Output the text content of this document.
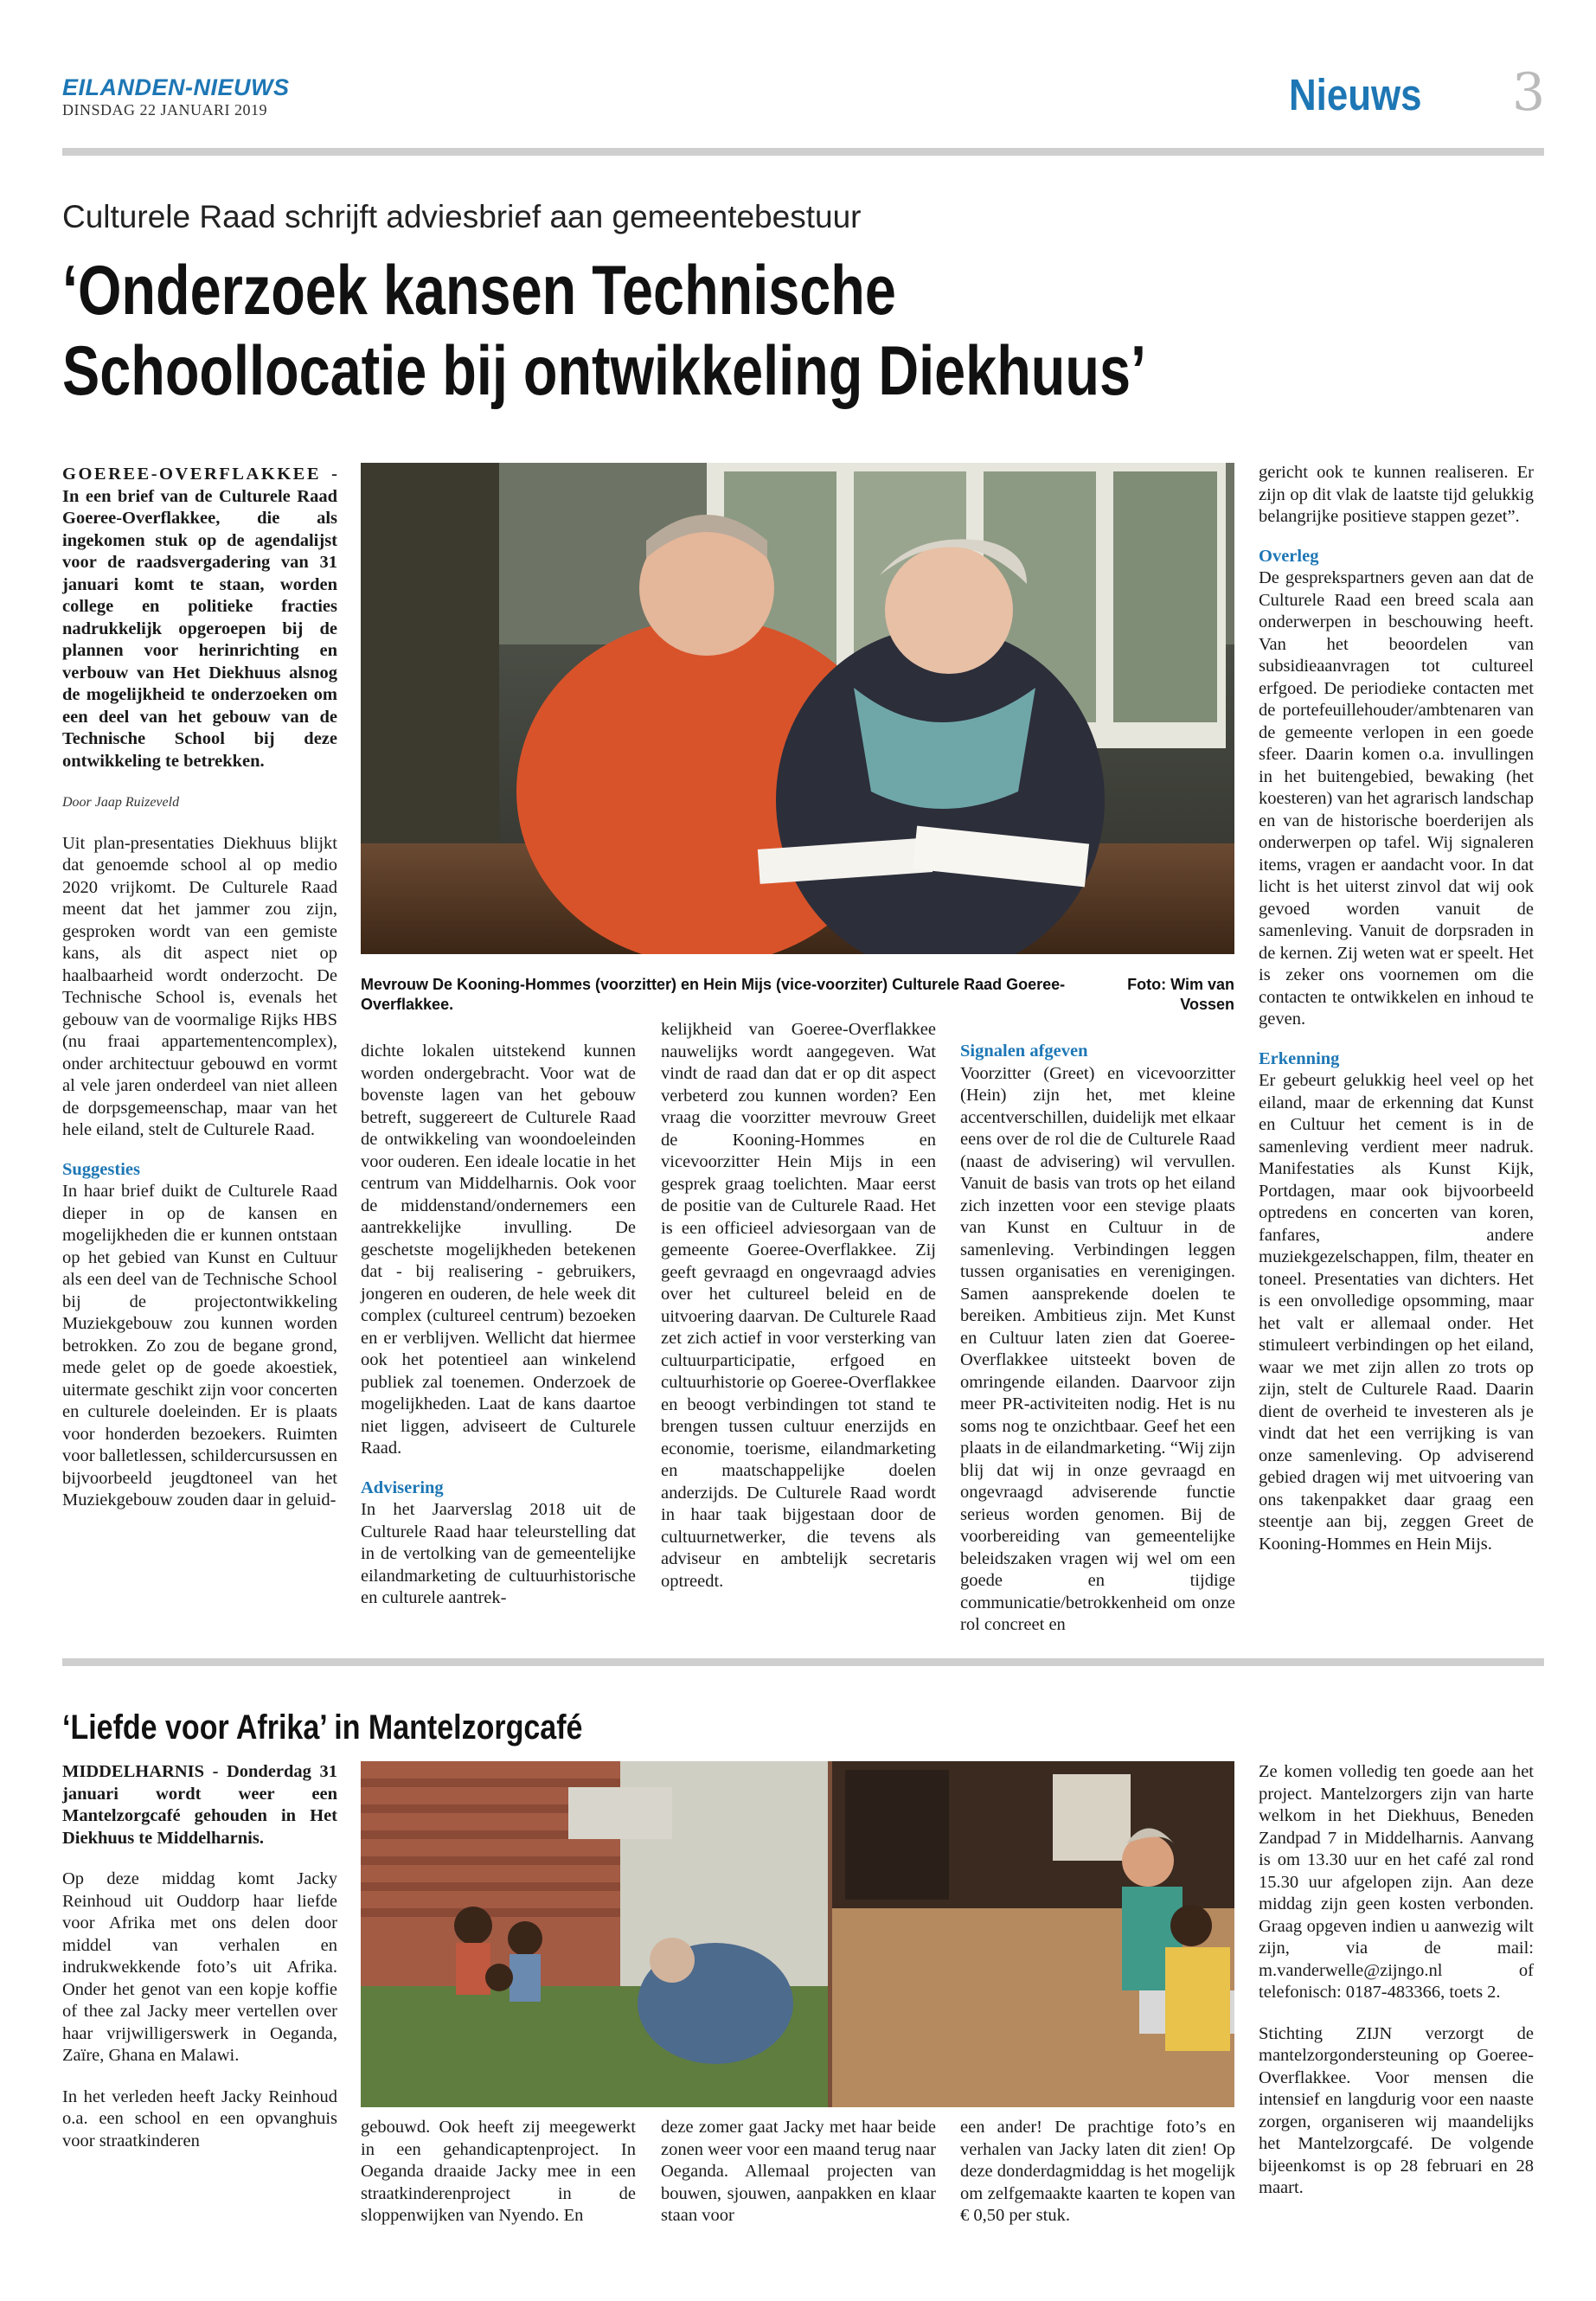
EILANDEN-NIEUWS
DINSDAG 22 JANUARI 2019	Nieuws 3
Culturele Raad schrijft adviesbrief aan gemeentebestuur
‘Onderzoek kansen Technische
Schoollocatie bij ontwikkeling Diekhuus’

GOEREE-OVERFLAKKEE - In een brief van de Culturele Raad Goeree-Overflakkee, die als ingekomen stuk op de agendalijst voor de raadsvergadering van 31 januari komt te staan, worden college en politieke fracties nadrukkelijk opgeroepen bij de plannen voor herinrichting en verbouw van Het Diekhuus alsnog de mogelijkheid te onderzoeken om een deel van het gebouw van de Technische School bij deze ontwikkeling te betrekken.

Door Jaap Ruizeveld

Uit plan-presentaties Diekhuus blijkt dat genoemde school al op medio 2020 vrijkomt. De Culturele Raad meent dat het jammer zou zijn, gesproken wordt van een gemiste kans, als dit aspect niet op haalbaarheid wordt onderzocht. De Technische School is, evenals het gebouw van de voormalige Rijks HBS (nu fraai appartementencomplex), onder architectuur gebouwd en vormt al vele jaren onderdeel van niet alleen de dorpsgemeenschap, maar van het hele eiland, stelt de Culturele Raad.

Suggesties

In haar brief duikt de Culturele Raad dieper in op de kansen en mogelijkheden die er kunnen ontstaan op het gebied van Kunst en Cultuur als een deel van de Technische School bij de projectontwikkeling Muziekgebouw zou kunnen worden betrokken. Zo zou de begane grond, mede gelet op de goede akoestiek, uitermate geschikt zijn voor concerten en culturele doeleinden. Er is plaats voor honderden bezoekers. Ruimten voor balletlessen, schildercursussen en bijvoorbeeld jeugdtoneel van het Muziekgebouw zouden daar in geluid-

Mevrouw De Kooning-Hommes (voorzitter) en Hein Mijs (vice-voorziter) Culturele Raad Goeree-Overflakkee.
Foto: Wim van Vossen

dichte lokalen uitstekend kunnen worden ondergebracht. Voor wat de bovenste lagen van het gebouw betreft, suggereert de Culturele Raad de ontwikkeling van woondoeleinden voor ouderen. Een ideale locatie in het centrum van Middelharnis. Ook voor de middenstand/ondernemers een aantrekkelijke invulling. De geschetste mogelijkheden betekenen dat - bij realisering - gebruikers, jongeren en ouderen, de hele week dit complex (cultureel centrum) bezoeken en er verblijven. Wellicht dat hiermee ook het potentieel aan winkelend publiek zal toenemen. Onderzoek de mogelijkheden. Laat de kans daartoe niet liggen, adviseert de Culturele Raad.

Advisering

In het Jaarverslag 2018 uit de Culturele Raad haar teleurstelling dat in de vertolking van de gemeentelijke eilandmarketing de cultuurhistorische en culturele aantrek-

kelijkheid van Goeree-Overflakkee nauwelijks wordt aangegeven. Wat vindt de raad dan dat er op dit aspect verbeterd zou kunnen worden? Een vraag die voorzitter mevrouw Greet de Kooning-Hommes en vicevoorzitter Hein Mijs in een gesprek graag toelichten. Maar eerst de positie van de Culturele Raad. Het is een officieel adviesorgaan van de gemeente Goeree-Overflakkee. Zij geeft gevraagd en ongevraagd advies over het cultureel beleid en de uitvoering daarvan. De Culturele Raad zet zich actief in voor versterking van cultuurparticipatie, erfgoed en cultuurhistorie op Goeree-Overflakkee en beoogt verbindingen tot stand te brengen tussen cultuur enerzijds en economie, toerisme, eilandmarketing en maatschappelijke doelen anderzijds. De Culturele Raad wordt in haar taak bijgestaan door de cultuurnetwerker, die tevens als adviseur en ambtelijk secretaris optreedt.

Signalen afgeven

Voorzitter (Greet) en vicevoorzitter (Hein) zijn het, met kleine accentverschillen, duidelijk met elkaar eens over de rol die de Culturele Raad (naast de advisering) wil vervullen. Vanuit de basis van trots op het eiland zich inzetten voor een stevige plaats van Kunst en Cultuur in de samenleving. Verbindingen leggen tussen organisaties en verenigingen. Samen aansprekende doelen te bereiken. Ambitieus zijn. Met Kunst en Cultuur laten zien dat Goeree-Overflakkee uitsteekt boven de omringende eilanden. Daarvoor zijn meer PR-activiteiten nodig. Het is nu soms nog te onzichtbaar. Geef het een plaats in de eilandmarketing. “Wij zijn blij dat wij in onze gevraagd en ongevraagd adviserende functie serieus worden genomen. Bij de voorbereiding van gemeentelijke beleidszaken vragen wij wel om een goede en tijdige communicatie/betrokkenheid om onze rol concreet en

gericht ook te kunnen realiseren. Er zijn op dit vlak de laatste tijd gelukkig belangrijke positieve stappen gezet”.

Overleg

De gesprekspartners geven aan dat de Culturele Raad een breed scala aan onderwerpen in beschouwing heeft. Van het beoordelen van subsidieaanvragen tot cultureel erfgoed. De periodieke contacten met de portefeuillehouder/ambtenaren van de gemeente verlopen in een goede sfeer. Daarin komen o.a. invullingen in het buitengebied, bewaking (het koesteren) van het agrarisch landschap en van de historische boerderijen als onderwerpen op tafel. Wij signaleren items, vragen er aandacht voor. In dat licht is het uiterst zinvol dat wij ook gevoed worden vanuit de samenleving. Vanuit de dorpsraden in de kernen. Zij weten wat er speelt. Het is zeker ons voornemen om die contacten te ontwikkelen en inhoud te geven.

Erkenning

Er gebeurt gelukkig heel veel op het eiland, maar de erkenning dat Kunst en Cultuur het cement is in de samenleving verdient meer nadruk. Manifestaties als Kunst Kijk, Portdagen, maar ook bijvoorbeeld optredens en concerten van koren, fanfares, andere muziekgezelschappen, film, theater en toneel. Presentaties van dichters. Het is een onvolledige opsomming, maar het valt er allemaal onder. Het stimuleert verbindingen op het eiland, waar we met zijn allen zo trots op zijn, stelt de Culturele Raad. Daarin dient de overheid te investeren als je vindt dat het een verrijking is van onze samenleving. Op adviserend gebied dragen wij met uitvoering van ons takenpakket daar graag een steentje aan bij, zeggen Greet de Kooning-Hommes en Hein Mijs.

‘Liefde voor Afrika’ in Mantelzorgcafé

MIDDELHARNIS - Donderdag 31 januari wordt weer een Mantelzorgcafé gehouden in Het Diekhuus te Middelharnis.

Op deze middag komt Jacky Reinhoud uit Ouddorp haar liefde voor Afrika met ons delen door middel van verhalen en indrukwekkende foto’s uit Afrika. Onder het genot van een kopje koffie of thee zal Jacky meer vertellen over haar vrijwilligerswerk in Oeganda, Zaïre, Ghana en Malawi.

In het verleden heeft Jacky Reinhoud o.a. een school en een opvanghuis voor straatkinderen

gebouwd. Ook heeft zij meegewerkt in een gehandicaptenproject. In Oeganda draaide Jacky mee in een straatkinderenproject in de sloppenwijken van Nyendo. En

deze zomer gaat Jacky met haar beide zonen weer voor een maand terug naar Oeganda. Allemaal projecten van bouwen, sjouwen, aanpakken en klaar staan voor

een ander! De prachtige foto’s en verhalen van Jacky laten dit zien! Op deze donderdagmiddag is het mogelijk om zelfgemaakte kaarten te kopen van € 0,50 per stuk.

Ze komen volledig ten goede aan het project. Mantelzorgers zijn van harte welkom in het Diekhuus, Beneden Zandpad 7 in Middelharnis. Aanvang is om 13.30 uur en het café zal rond 15.30 uur afgelopen zijn. Aan deze middag zijn geen kosten verbonden. Graag opgeven indien u aanwezig wilt zijn, via de mail: m.vanderwelle@zijngo.nl of telefonisch: 0187-483366, toets 2.

Stichting ZIJN verzorgt de mantelzorgondersteuning op Goeree-Overflakkee. Voor mensen die intensief en langdurig voor een naaste zorgen, organiseren wij maandelijks het Mantelzorgcafé. De volgende bijeenkomst is op 28 februari en 28 maart.
